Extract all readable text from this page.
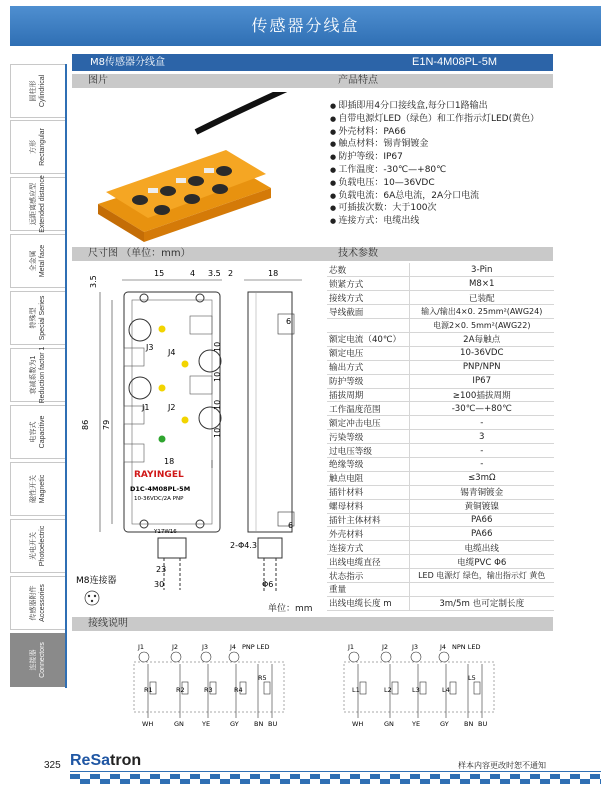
传感器分线盒
圆柱形 Cylindrical
方形 Rectangular
远距离感应型 Extended distance
全金属 Metal face
特殊型 Special Series
衰减系数为1 Reduction factor 1
电容式 Capacitive
磁性开关 Magnetic
光电开关 Photoelectric
传感器附件 Accessories
连接器 Connectors
M8传感器分线盒	E1N-4M08PL-5M
图片	产品特点
● 即插即用4分口接线盒,每分口1路输出
● 自带电源灯LED（绿色）和工作指示灯LED(黄色）
● 外壳材料：PA66
● 触点材料：锡青铜镀金
● 防护等级：IP67
● 工作温度：-30℃—+80℃
● 负载电压：10—36VDC
● 负载电流：6A总电流，2A分口电流
● 可插拔次数：大于100次
● 连接方式：电缆出线
尺寸图 （单位：mm）	技术参数
15	4 3.5 2	18
3.5
J3
J4
J1 J2
RAYINGEL
D1C-4M08PL-5M
10-36VDC/2A PNP
Y17W16
23
30
86 79
10
10
10
10
18
6
6
Φ6
2-Φ4.3
M8连接器
单位：mm
芯数	3-Pin
锁紧方式	M8×1
接线方式	已装配
导线截面	输入/输出4×0. 25mm²(AWG24)
	电源2×0. 5mm²(AWG22)
额定电流（40℃）	2A每触点
额定电压	10-36VDC
输出方式	PNP/NPN
防护等级	IP67
插拔周期	≥100插拔周期
工作温度范围	-30℃—+80℃
额定冲击电压	-
污染等级	3
过电压等级	-
绝缘等级	-
触点电阻	≤3mΩ
插针材料	锡青铜镀金
螺母材料	黄铜镀镍
插针主体材料	PA66
外壳材料	PA66
连接方式	电缆出线
出线电缆直径	电缆PVC Φ6
状态指示	LED 电源灯 绿色，输出指示灯 黄色
重量	
出线电缆长度 m	3m/5m 也可定制长度
接线说明
J1	J2	J3	J4 PNP LED
R1	R2	R3	R4
R5
WH	GN	YE	GY BN BU
J1	J2	J3	J4 NPN LED
L1	L2	L3	L4
L5
WH	GN	YE	GY BN BU
325 ReSatron	样本内容更改时恕不通知
